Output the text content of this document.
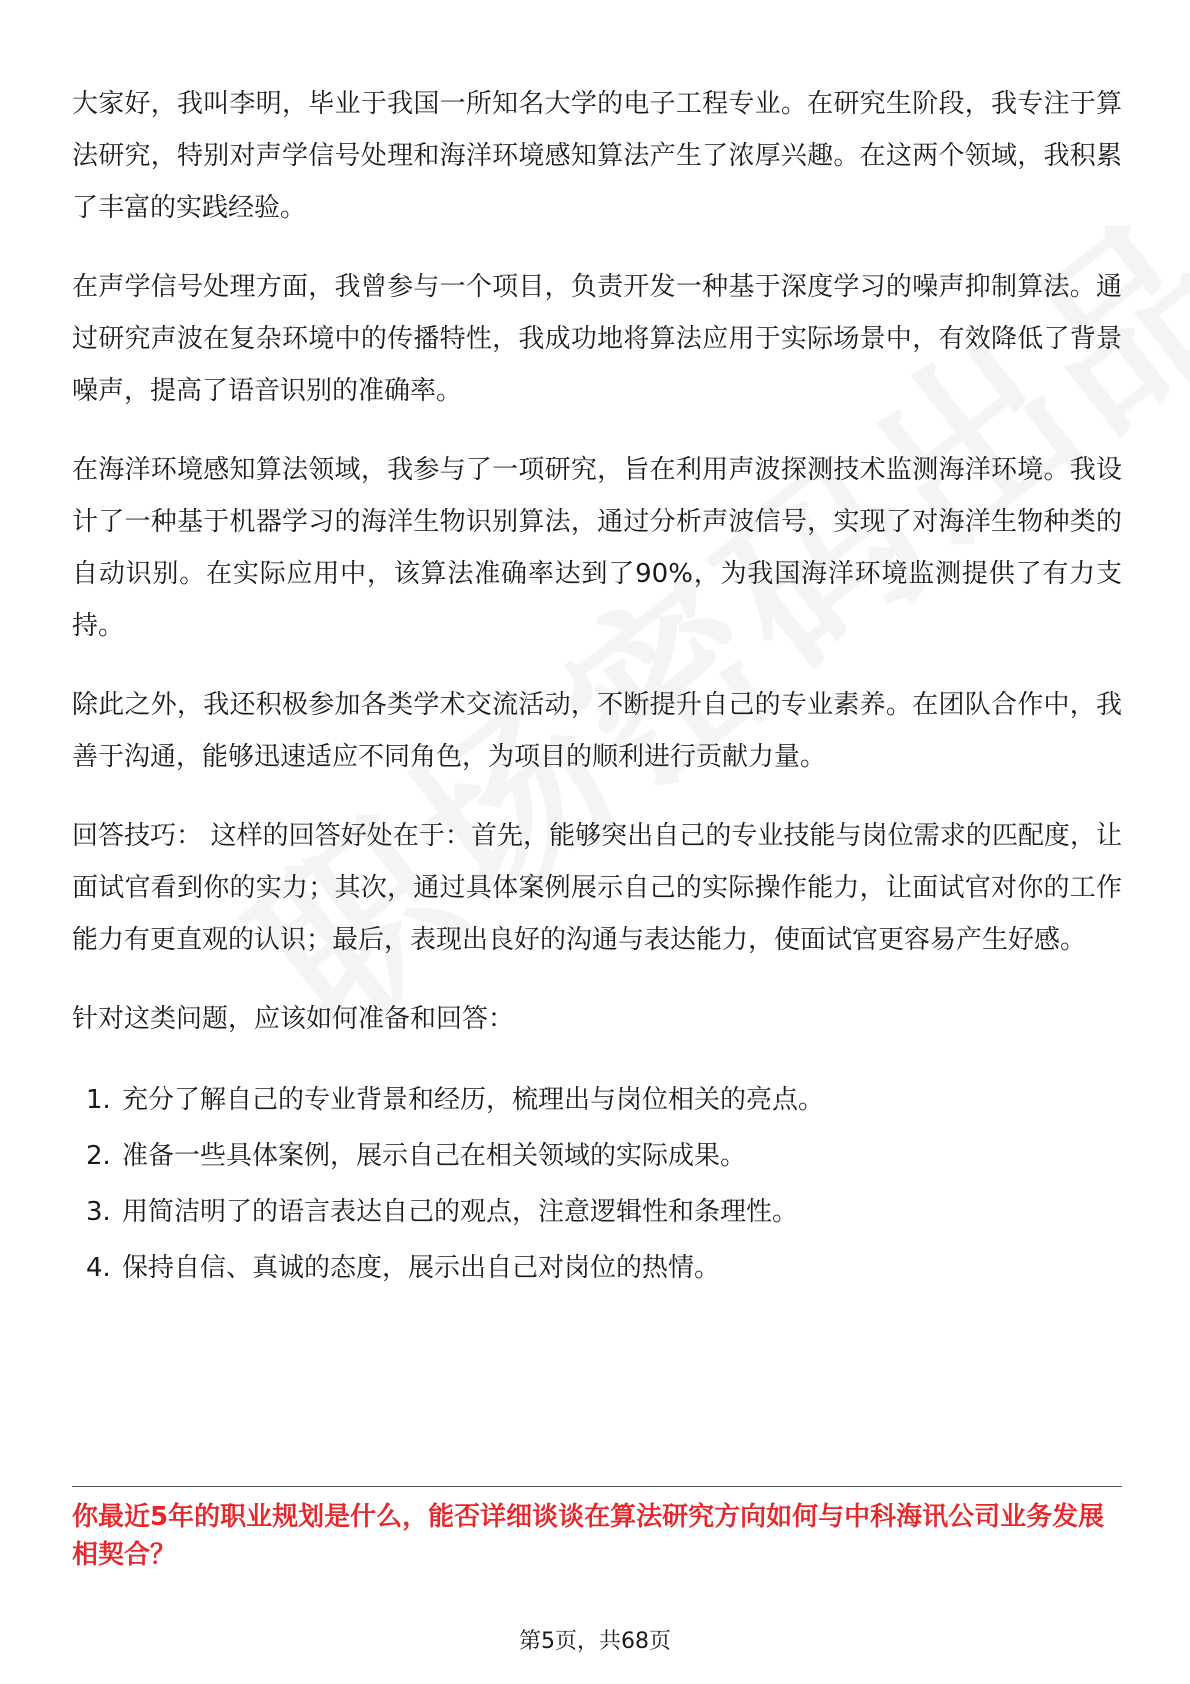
大家好，我叫李明，毕业于我国一所知名大学的电子工程专业。在研究生阶段，我专注于算法研究，特别对声学信号处理和海洋环境感知算法产生了浓厚兴趣。在这两个领域，我积累了丰富的实践经验。

在声学信号处理方面，我曾参与一个项目，负责开发一种基于深度学习的噪声抑制算法。通过研究声波在复杂环境中的传播特性，我成功地将算法应用于实际场景中，有效降低了背景噪声，提高了语音识别的准确率。

在海洋环境感知算法领域，我参与了一项研究，旨在利用声波探测技术监测海洋环境。我设计了一种基于机器学习的海洋生物识别算法，通过分析声波信号，实现了对海洋生物种类的自动识别。在实际应用中，该算法准确率达到了90%，为我国海洋环境监测提供了有力支持。

除此之外，我还积极参加各类学术交流活动，不断提升自己的专业素养。在团队合作中，我善于沟通，能够迅速适应不同角色，为项目的顺利进行贡献力量。

回答技巧： 这样的回答好处在于：首先，能够突出自己的专业技能与岗位需求的匹配度，让面试官看到你的实力；其次，通过具体案例展示自己的实际操作能力，让面试官对你的工作能力有更直观的认识；最后，表现出良好的沟通与表达能力，使面试官更容易产生好感。

针对这类问题，应该如何准备和回答：

1. 充分了解自己的专业背景和经历，梳理出与岗位相关的亮点。
2. 准备一些具体案例，展示自己在相关领域的实际成果。
3. 用简洁明了的语言表达自己的观点，注意逻辑性和条理性。
4. 保持自信、真诚的态度，展示出自己对岗位的热情。
你最近5年的职业规划是什么，能否详细谈谈在算法研究方向如何与中科海讯公司业务发展相契合？
第5页，共68页
